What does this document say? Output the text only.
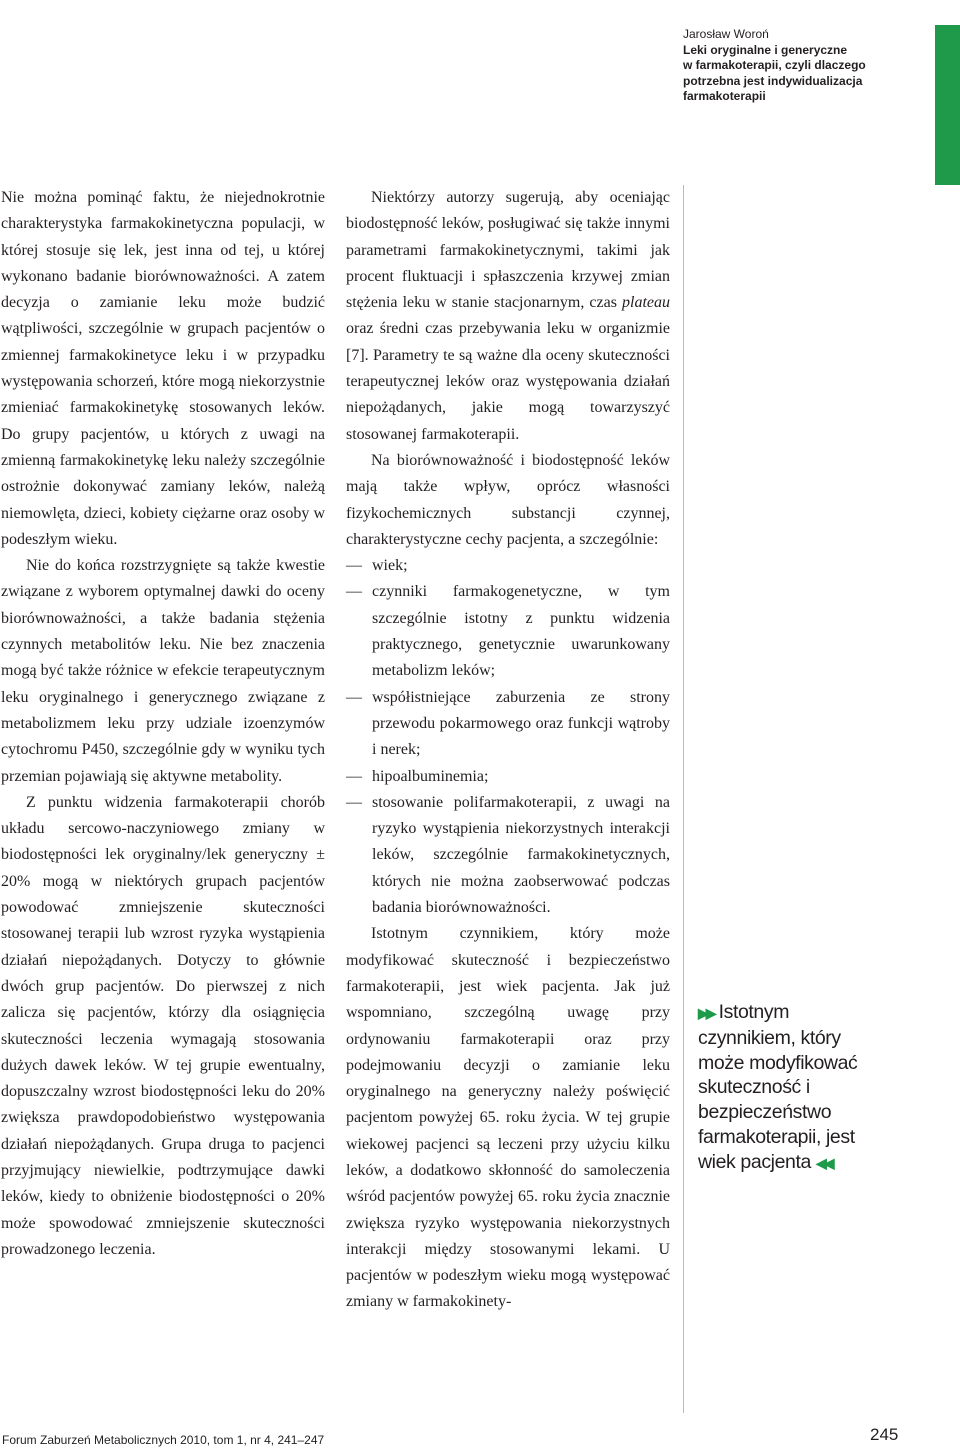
Jarosław Woroń
Leki oryginalne i generyczne
w farmakoterapii, czyli dlaczego
potrzebna jest indywidualizacja
farmakoterapii

Nie można pominąć faktu, że niejednokrotnie charakterystyka farmakokinetyczna populacji, w której stosuje się lek, jest inna od tej, u której wykonano badanie biorównoważności. A zatem decyzja o zamianie leku może budzić wątpliwości, szczególnie w grupach pacjentów o zmiennej farmakokinetyce leku i w przypadku występowania schorzeń, które mogą niekorzystnie zmieniać farmakokinetykę stosowanych leków. Do grupy pacjentów, u których z uwagi na zmienną farmakokinetykę leku należy szczególnie ostrożnie dokonywać zamiany leków, należą niemowlęta, dzieci, kobiety ciężarne oraz osoby w podeszłym wieku.

Nie do końca rozstrzygnięte są także kwestie związane z wyborem optymalnej dawki do oceny biorównoważności, a także badania stężenia czynnych metabolitów leku. Nie bez znaczenia mogą być także różnice w efekcie terapeutycznym leku oryginalnego i generycznego związane z metabolizmem leku przy udziale izoenzymów cytochromu P450, szczególnie gdy w wyniku tych przemian pojawiają się aktywne metabolity.

Z punktu widzenia farmakoterapii chorób układu sercowo-naczyniowego zmiany w biodostępności lek oryginalny/lek generyczny ± 20% mogą w niektórych grupach pacjentów powodować zmniejszenie skuteczności stosowanej terapii lub wzrost ryzyka wystąpienia działań niepożądanych. Dotyczy to głównie dwóch grup pacjentów. Do pierwszej z nich zalicza się pacjentów, którzy dla osiągnięcia skuteczności leczenia wymagają stosowania dużych dawek leków. W tej grupie ewentualny, dopuszczalny wzrost biodostępności leku do 20% zwiększa prawdopodobieństwo występowania działań niepożądanych. Grupa druga to pacjenci przyjmujący niewielkie, podtrzymujące dawki leków, kiedy to obniżenie biodostępności o 20% może spowodować zmniejszenie skuteczności prowadzonego leczenia.

Niektórzy autorzy sugerują, aby oceniając biodostępność leków, posługiwać się także innymi parametrami farmakokinetycznymi, takimi jak procent fluktuacji i spłaszczenia krzywej zmian stężenia leku w stanie stacjonarnym, czas plateau oraz średni czas przebywania leku w organizmie [7]. Parametry te są ważne dla oceny skuteczności terapeutycznej leków oraz występowania działań niepożądanych, jakie mogą towarzyszyć stosowanej farmakoterapii.

Na biorównoważność i biodostępność leków mają także wpływ, oprócz własności fizykochemicznych substancji czynnej, charakterystyczne cechy pacjenta, a szczególnie:

— wiek;
— czynniki farmakogenetyczne, w tym szczególnie istotny z punktu widzenia praktycznego, genetycznie uwarunkowany metabolizm leków;
— współistniejące zaburzenia ze strony przewodu pokarmowego oraz funkcji wątroby i nerek;
— hipoalbuminemia;
— stosowanie polifarmakoterapii, z uwagi na ryzyko wystąpienia niekorzystnych interakcji leków, szczególnie farmakokinetycznych, których nie można zaobserwować podczas badania biorównoważności.

Istotnym czynnikiem, który może modyfikować skuteczność i bezpieczeństwo farmakoterapii, jest wiek pacjenta. Jak już wspomniano, szczególną uwagę przy ordynowaniu farmakoterapii oraz przy podejmowaniu decyzji o zamianie leku oryginalnego na generyczny należy poświęcić pacjentom powyżej 65. roku życia. W tej grupie wiekowej pacjenci są leczeni przy użyciu kilku leków, a dodatkowo skłonność do samoleczenia wśród pacjentów powyżej 65. roku życia znacznie zwiększa ryzyko występowania niekorzystnych interakcji między stosowanymi lekami. U pacjentów w podeszłym wieku mogą występować zmiany w farmakokinety-

▶▶ Istotnym czynnikiem, który może modyfikować skuteczność i bezpieczeństwo farmakoterapii, jest wiek pacjenta ◀◀
Forum Zaburzeń Metabolicznych 2010, tom 1, nr 4, 241–247	245
